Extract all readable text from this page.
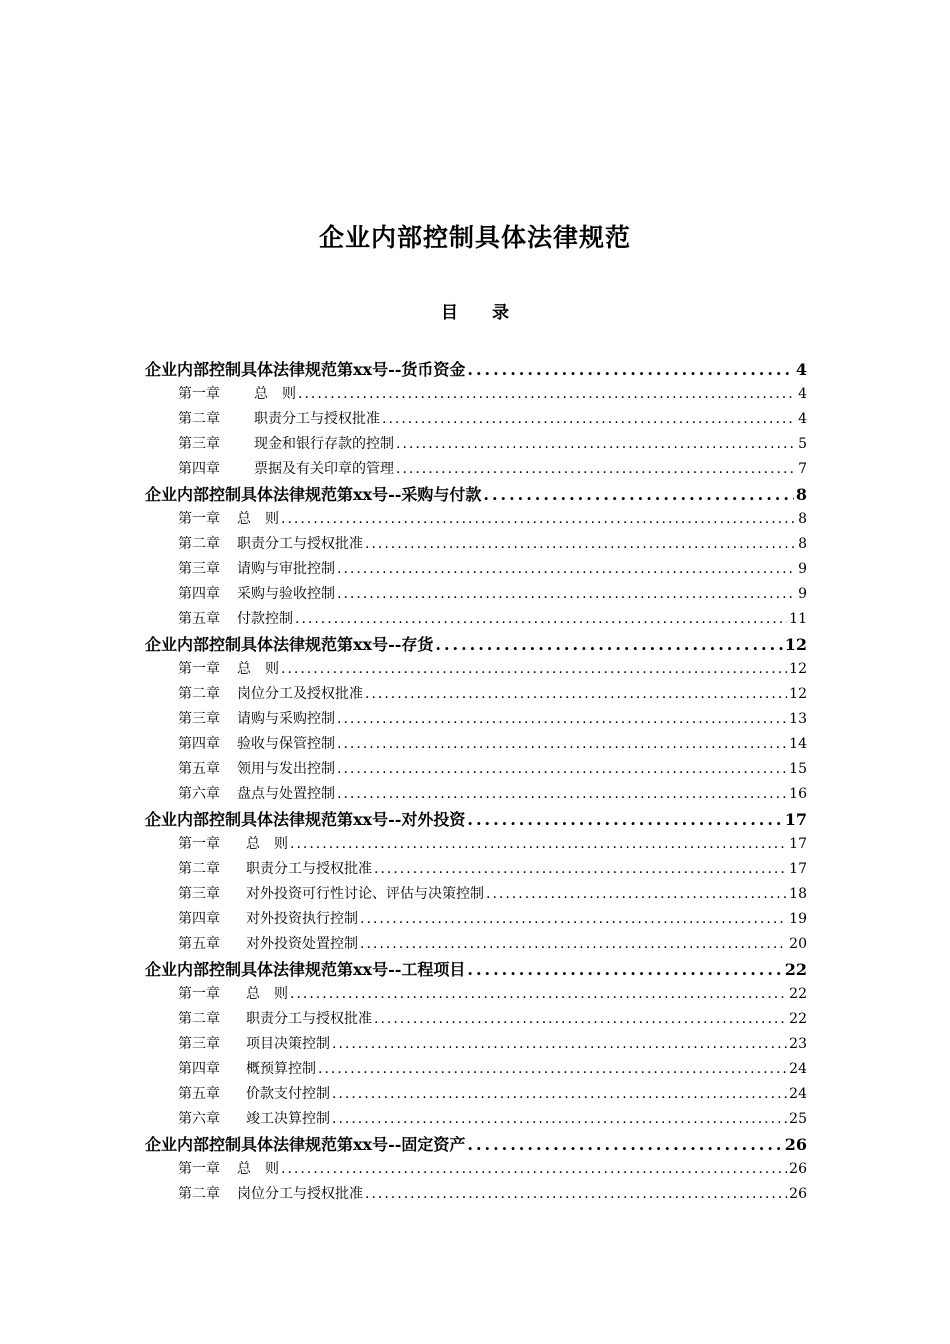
企业内部控制具体法律规范
目 录
企业内部控制具体法律规范第xx号--货币资金 .....	4
第一章 总　则 .....	4
第二章 职责分工与授权批准 .....	4
第三章 现金和银行存款的控制 .....	5
第四章 票据及有关印章的管理 .....	7
企业内部控制具体法律规范第xx号--采购与付款 .....	8
第一章 总　则 .....	8
第二章 职责分工与授权批准 .....	8
第三章 请购与审批控制 .....	9
第四章 采购与验收控制 .....	9
第五章 付款控制 .....	11
企业内部控制具体法律规范第xx号--存货 .....	12
第一章 总　则 .....	12
第二章 岗位分工及授权批准 .....	12
第三章 请购与采购控制 .....	13
第四章 验收与保管控制 .....	14
第五章 领用与发出控制 .....	15
第六章 盘点与处置控制 .....	16
企业内部控制具体法律规范第xx号--对外投资 .....	17
第一章 总　则 .....	17
第二章 职责分工与授权批准 .....	17
第三章 对外投资可行性讨论、评估与决策控制 .....	18
第四章 对外投资执行控制 .....	19
第五章 对外投资处置控制 .....	20
企业内部控制具体法律规范第xx号--工程项目 .....	22
第一章 总　则 .....	22
第二章 职责分工与授权批准 .....	22
第三章 项目决策控制 .....	23
第四章 概预算控制 .....	24
第五章 价款支付控制 .....	24
第六章 竣工决算控制 .....	25
企业内部控制具体法律规范第xx号--固定资产 .....	26
第一章 总　则 .....	26
第二章 岗位分工与授权批准 .....	26
